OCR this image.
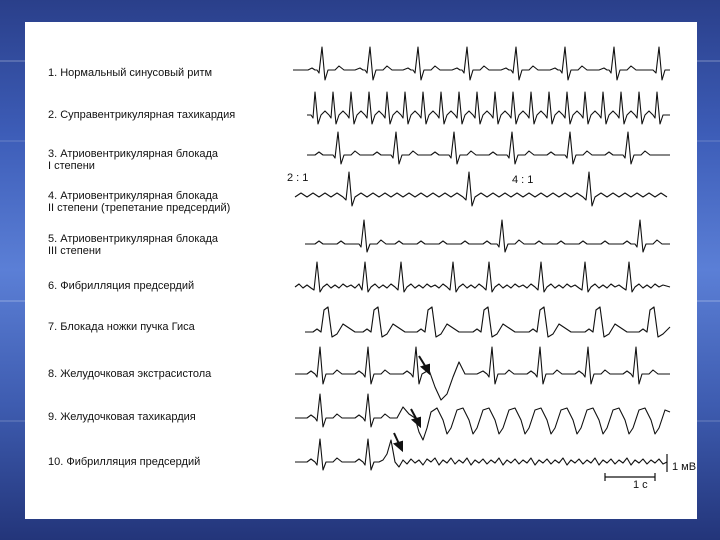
1. Нормальный синусовый ритм
2. Суправентрикулярная тахикардия
3. Атриовентрикулярная блокада
I степени
4. Атриовентрикулярная блокада
II степени (трепетание предсердий)
5. Атриовентрикулярная блокада
III степени
6. Фибрилляция предсердий
7. Блокада ножки пучка Гиса
8. Желудочковая экстрасистола
9. Желудочковая тахикардия
10. Фибрилляция предсердий
2 : 1	4 : 1
1 мВ
1 с
